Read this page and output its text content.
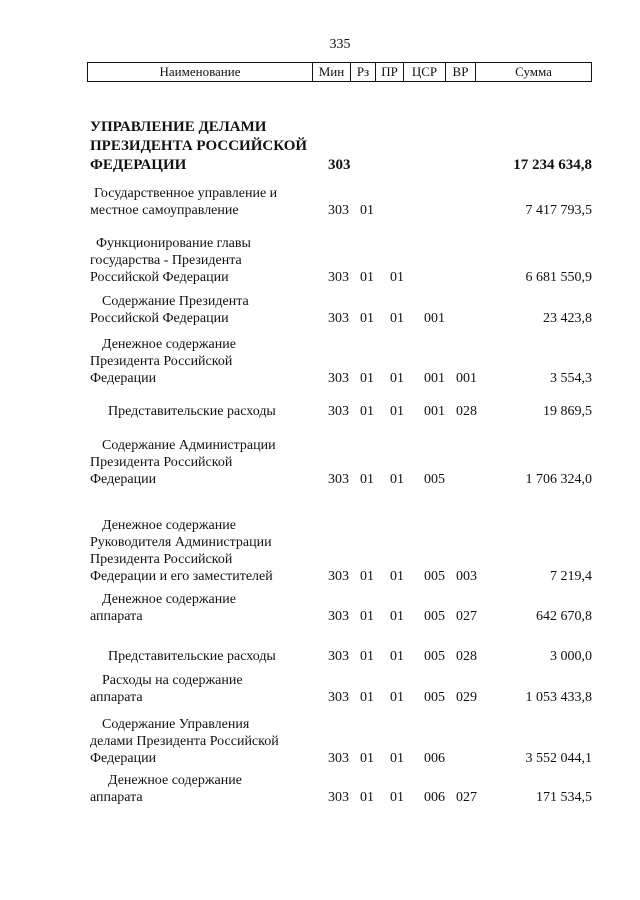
335
Наименование	Мин Рз ПР	ЦСР	ВР	Сумма
УПРАВЛЕНИЕ ДЕЛАМИ
ПРЕЗИДЕНТА РОССИЙСКОЙ
ФЕДЕРАЦИИ	303	17 234 634,8
Государственное управление и
местное самоуправление	303 01	7 417 793,5
Функционирование главы
государства - Президента
Российской Федерации	303 01 01	6 681 550,9
Содержание Президента
Российской Федерации	303 01 01 001	23 423,8
Денежное содержание
Президента Российской
Федерации	303 01 01 001 001	3 554,3
Представительские расходы	303 01 01 001 028	19 869,5
Содержание Администрации
Президента Российской
Федерации	303 01 01 005	1 706 324,0
Денежное содержание
Руководителя Администрации
Президента Российской
Федерации и его заместителей	303 01 01 005 003	7 219,4
Денежное содержание
аппарата	303 01 01 005 027	642 670,8
Представительские расходы	303 01 01 005 028	3 000,0
Расходы на содержание
аппарата	303 01 01 005 029	1 053 433,8
Содержание Управления
делами Президента Российской
Федерации	303 01 01 006	3 552 044,1
Денежное содержание
аппарата	303 01 01 006 027	171 534,5
